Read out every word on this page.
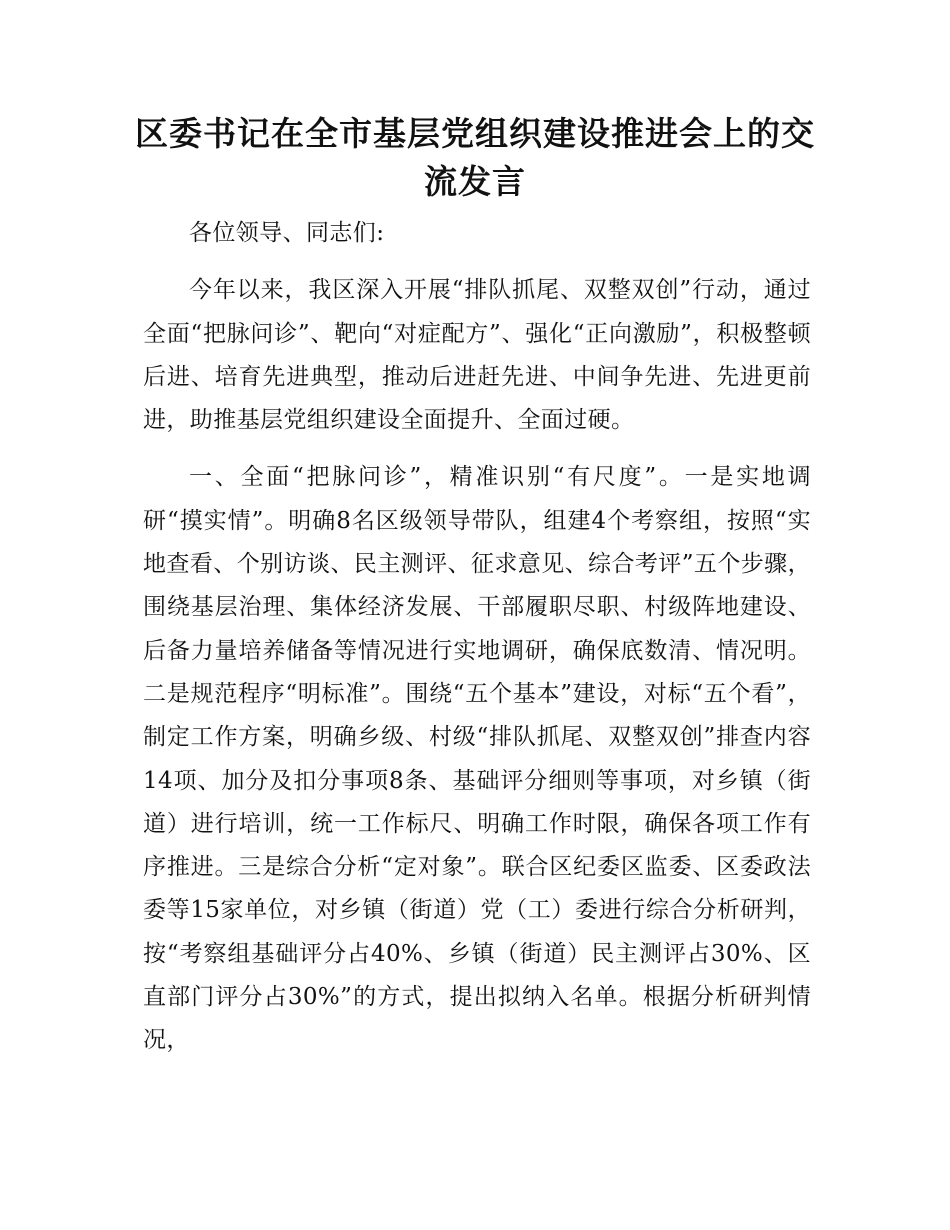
区委书记在全市基层党组织建设推进会上的交流发言

各位领导、同志们:

今年以来，我区深入开展“排队抓尾、双整双创”行动，通过全面“把脉问诊”、靶向“对症配方”、强化“正向激励”，积极整顿后进、培育先进典型，推动后进赶先进、中间争先进、先进更前进，助推基层党组织建设全面提升、全面过硬。

一、全面“把脉问诊”，精准识别“有尺度”。一是实地调研“摸实情”。明确8名区级领导带队，组建4个考察组，按照“实地查看、个别访谈、民主测评、征求意见、综合考评”五个步骤，围绕基层治理、集体经济发展、干部履职尽职、村级阵地建设、后备力量培养储备等情况进行实地调研，确保底数清、情况明。二是规范程序“明标准”。围绕“五个基本”建设，对标“五个看”，制定工作方案，明确乡级、村级“排队抓尾、双整双创”排查内容14项、加分及扣分事项8条、基础评分细则等事项，对乡镇（街道）进行培训，统一工作标尺、明确工作时限，确保各项工作有序推进。三是综合分析“定对象”。联合区纪委区监委、区委政法委等15家单位，对乡镇（街道）党（工）委进行综合分析研判，按“考察组基础评分占40%、乡镇（街道）民主测评占30%、区直部门评分占30%”的方式，提出拟纳入名单。根据分析研判情况，
